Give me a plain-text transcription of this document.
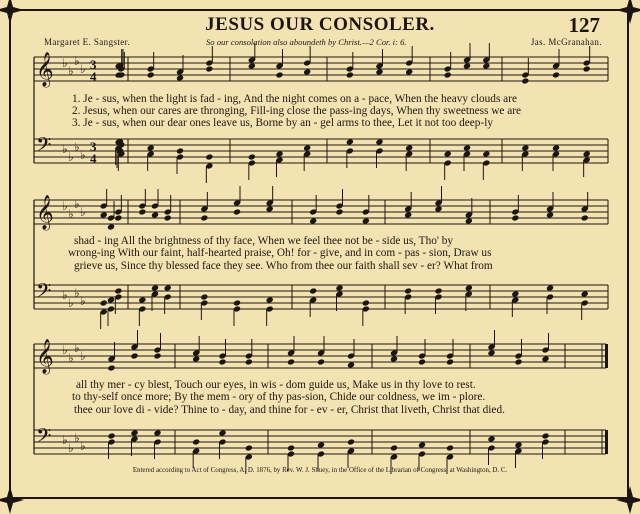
JESUS OUR CONSOLER.	127
Margaret E. Sangster.	So our consolation also aboundeth by Christ.—2 Cor. i: 6.	Jas. McGranahan.
𝄞 ♭
♭
♭
♭ 3
4
𝄢 ♭
♭
♭
♭
3
4
𝄞 ♭
♭
♭
♭
𝄢 ♭
♭
♭
♭
𝄞 ♭
♭
♭
♭
𝄢 ♭
♭
♭
♭
1. Je - sus, when the light is fad - ing, And the night comes on a - pace, When the heavy clouds are
2. Jesus, when our cares are thronging, Fill-ing close the pass-ing days, When thy sweetness we are
3. Je - sus, when our dear ones leave us, Borne by an - gel arms to thee, Let it not too deep-ly
shad - ing All the brightness of thy face, When we feel thee not be - side us, Tho' by
wrong-ing With our faint, half-hearted praise, Oh! for - give, and in com - pas - sion, Draw us
grieve us, Since thy blessed face they see. Who from thee our faith shall sev - er? What from
all thy mer - cy blest, Touch our eyes, in wis - dom guide us, Make us in thy love to rest.
to thy-self once more; By the mem - ory of thy pas-sion, Chide our coldness, we im - plore.
thee our love di - vide? Thine to - day, and thine for - ev - er, Christ that liveth, Christ that died.
Entered according to Act of Congress, A. D. 1876, by Rev. W. J. Shuey, in the Office of the Librarian of Congress, at Washington, D. C.
